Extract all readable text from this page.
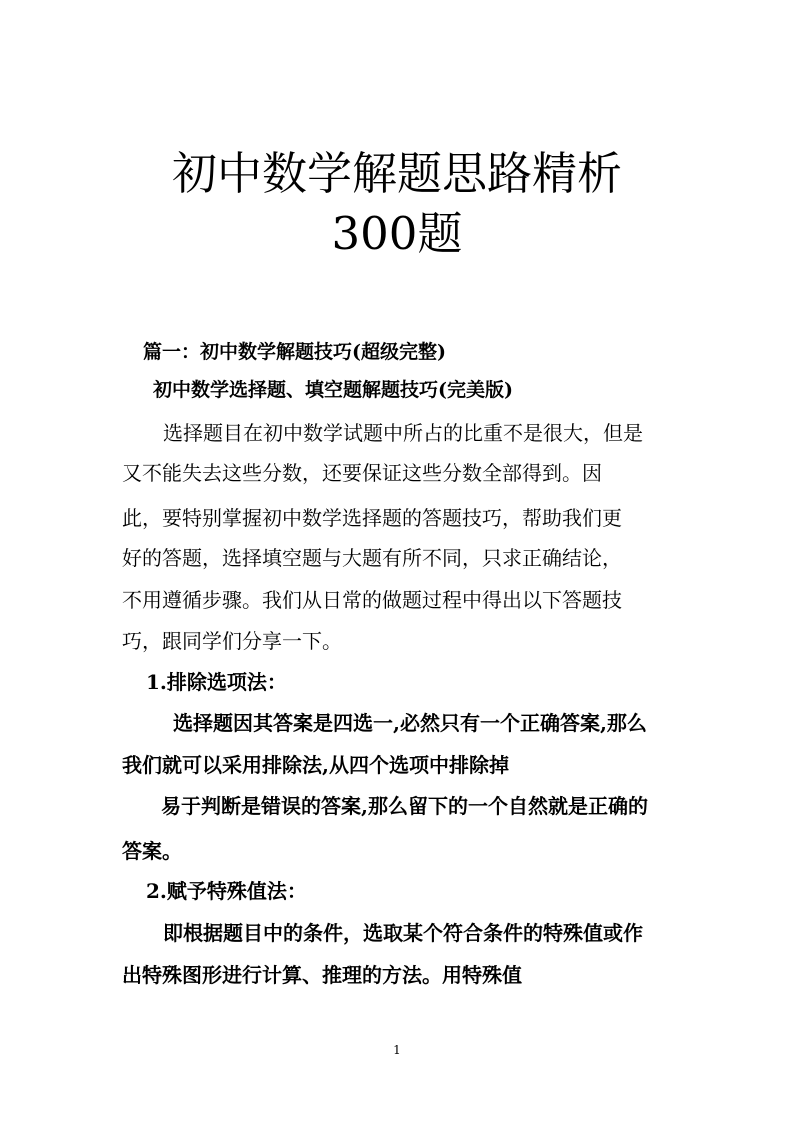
初中数学解题思路精析
300题
篇一：初中数学解题技巧(超级完整)
初中数学选择题、填空题解题技巧(完美版)
选择题目在初中数学试题中所占的比重不是很大，但是
又不能失去这些分数，还要保证这些分数全部得到。因
此，要特别掌握初中数学选择题的答题技巧，帮助我们更
好的答题，选择填空题与大题有所不同，只求正确结论，
不用遵循步骤。我们从日常的做题过程中得出以下答题技
巧，跟同学们分享一下。
1.排除选项法：
选择题因其答案是四选一,必然只有一个正确答案,那么
我们就可以采用排除法,从四个选项中排除掉
易于判断是错误的答案,那么留下的一个自然就是正确的
答案。
2.赋予特殊值法：
即根据题目中的条件，选取某个符合条件的特殊值或作
出特殊图形进行计算、推理的方法。用特殊值
1
